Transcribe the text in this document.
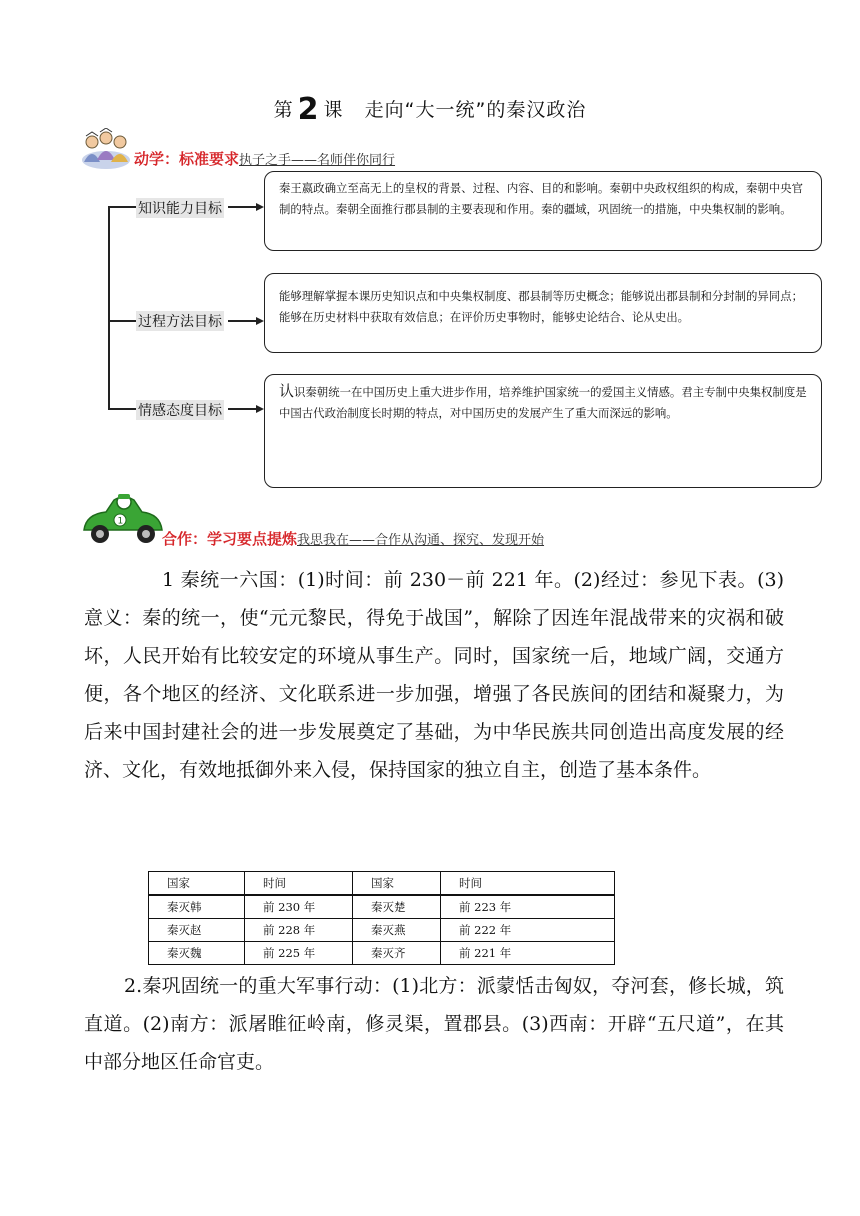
第 2 课 走向“大一统”的秦汉政治
动学：标准要求执子之手——名师伴你同行
知识能力目标
秦王嬴政确立至高无上的皇权的背景、过程、内容、目的和影响。秦朝中央政权组织的构成，秦朝中央官制的特点。秦朝全面推行郡县制的主要表现和作用。秦的疆域，巩固统一的措施，中央集权制的影响。
过程方法目标
能够理解掌握本课历史知识点和中央集权制度、郡县制等历史概念；能够说出郡县制和分封制的异同点；能够在历史材料中获取有效信息；在评价历史事物时，能够史论结合、论从史出。
情感态度目标
认识秦朝统一在中国历史上重大进步作用，培养维护国家统一的爱国主义情感。君主专制中央集权制度是中国古代政治制度长时期的特点，对中国历史的发展产生了重大而深远的影响。
1
合作：学习要点提炼我思我在——合作从沟通、探究、发现开始
1 秦统一六国：(1)时间：前 230－前 221 年。(2)经过：参见下表。(3)意义：秦的统一，使“元元黎民，得免于战国”，解除了因连年混战带来的灾祸和破坏，人民开始有比较安定的环境从事生产。同时，国家统一后，地域广阔，交通方便，各个地区的经济、文化联系进一步加强，增强了各民族间的团结和凝聚力，为后来中国封建社会的进一步发展奠定了基础，为中华民族共同创造出高度发展的经济、文化，有效地抵御外来入侵，保持国家的独立自主，创造了基本条件。
国家	时间	国家	时间
秦灭韩	前 230 年	秦灭楚	前 223 年
秦灭赵	前 228 年	秦灭燕	前 222 年
秦灭魏	前 225 年	秦灭齐	前 221 年
2.秦巩固统一的重大军事行动：(1)北方：派蒙恬击匈奴，夺河套，修长城，筑直道。(2)南方：派屠睢征岭南，修灵渠，置郡县。(3)西南：开辟“五尺道”，在其中部分地区任命官吏。
